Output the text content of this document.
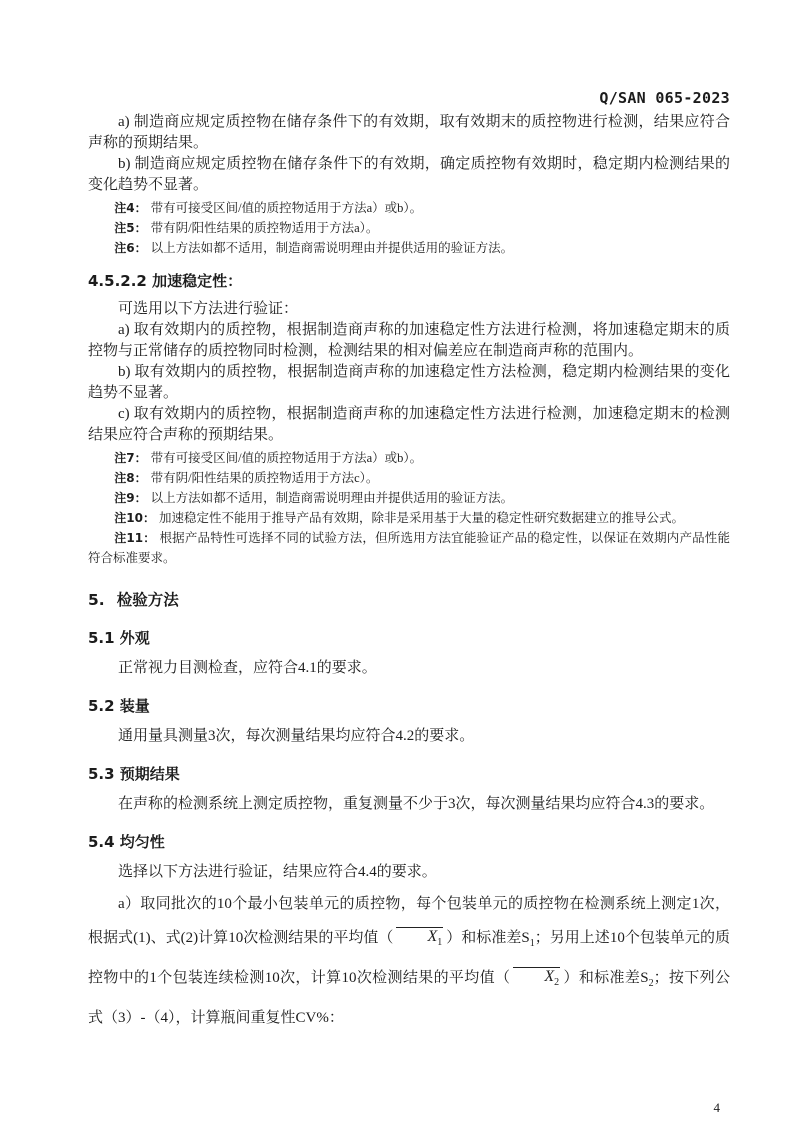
Q/SAN 065-2023

a) 制造商应规定质控物在储存条件下的有效期，取有效期末的质控物进行检测，结果应符合声称的预期结果。

b) 制造商应规定质控物在储存条件下的有效期，确定质控物有效期时，稳定期内检测结果的变化趋势不显著。

注4： 带有可接受区间/值的质控物适用于方法a）或b）。

注5： 带有阴/阳性结果的质控物适用于方法a）。

注6： 以上方法如都不适用，制造商需说明理由并提供适用的验证方法。

4.5.2.2 加速稳定性：

可选用以下方法进行验证：

a) 取有效期内的质控物，根据制造商声称的加速稳定性方法进行检测，将加速稳定期末的质控物与正常储存的质控物同时检测，检测结果的相对偏差应在制造商声称的范围内。

b) 取有效期内的质控物，根据制造商声称的加速稳定性方法检测，稳定期内检测结果的变化趋势不显著。

c) 取有效期内的质控物，根据制造商声称的加速稳定性方法进行检测，加速稳定期末的检测结果应符合声称的预期结果。

注7： 带有可接受区间/值的质控物适用于方法a）或b）。

注8： 带有阴/阳性结果的质控物适用于方法c）。

注9： 以上方法如都不适用，制造商需说明理由并提供适用的验证方法。

注10： 加速稳定性不能用于推导产品有效期，除非是采用基于大量的稳定性研究数据建立的推导公式。

注11： 根据产品特性可选择不同的试验方法，但所选用方法宜能验证产品的稳定性，以保证在效期内产品性能符合标准要求。

5. 检验方法
5.1 外观

正常视力目测检查，应符合4.1的要求。

5.2 装量

通用量具测量3次，每次测量结果均应符合4.2的要求。

5.3 预期结果

在声称的检测系统上测定质控物，重复测量不少于3次，每次测量结果均应符合4.3的要求。

5.4 均匀性

选择以下方法进行验证，结果应符合4.4的要求。

a）取同批次的10个最小包装单元的质控物，每个包装单元的质控物在检测系统上测定1次，根据式(1)、式(2)计算10次检测结果的平均值（ $X_1$ ）和标准差$S_1$；另用上述10个包装单元的质控物中的1个包装连续检测10次，计算10次检测结果的平均值（ $X_2$ ）和标准差$S_2$；按下列公式（3）-（4），计算瓶间重复性CV%：

4
